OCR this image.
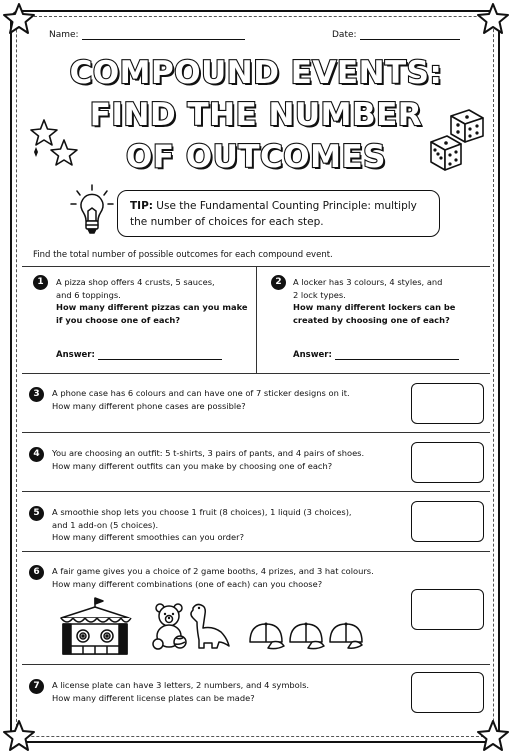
Name:	Date:
COMPOUND EVENTS:
FIND THE NUMBER
OF OUTCOMES
TIP: Use the Fundamental Counting Principle: multiply the number of choices for each step.
Find the total number of possible outcomes for each compound event.
1	A pizza shop offers 4 crusts, 5 sauces,
and 6 toppings.
How many different pizzas can you make
if you choose one of each?
Answer:
2	A locker has 3 colours, 4 styles, and
2 lock types.
How many different lockers can be
created by choosing one of each?
Answer:
3	A phone case has 6 colours and can have one of 7 sticker designs on it.
How many different phone cases are possible?
4	You are choosing an outfit: 5 t-shirts, 3 pairs of pants, and 4 pairs of shoes.
How many different outfits can you make by choosing one of each?
5	A smoothie shop lets you choose 1 fruit (8 choices), 1 liquid (3 choices),
and 1 add-on (5 choices).
How many different smoothies can you order?
6	A fair game gives you a choice of 2 game booths, 4 prizes, and 3 hat colours.
How many different combinations (one of each) can you choose?
7	A license plate can have 3 letters, 2 numbers, and 4 symbols.
How many different license plates can be made?
